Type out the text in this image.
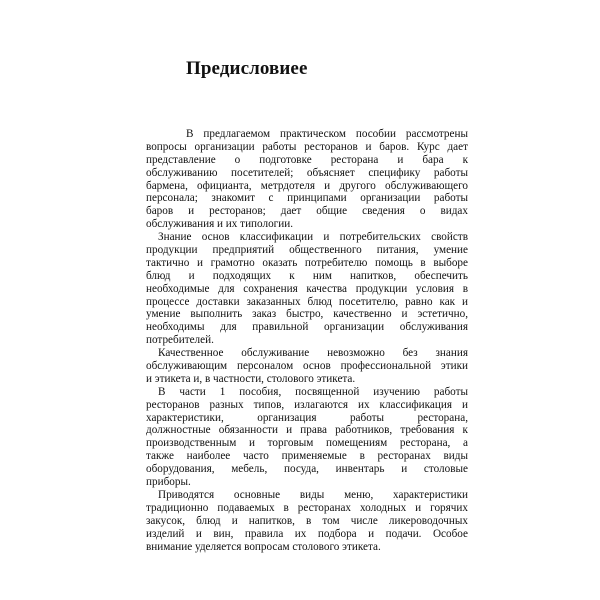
Предисловиее
В предлагаемом практическом пособии рассмотрены
вопросы организации работы ресторанов и баров. Курс дает
представление о подготовке ресторана и бара к
обслуживанию посетителей; объясняет специфику работы
бармена, официанта, метрдотеля и другого обслуживающего
персонала; знакомит с принципами организации работы
баров и ресторанов; дает общие сведения о видах
обслуживания и их типологии.
Знание основ классификации и потребительских свойств
продукции предприятий общественного питания, умение
тактично и грамотно оказать потребителю помощь в выборе
блюд и подходящих к ним напитков, обеспечить
необходимые для сохранения качества продукции условия в
процессе доставки заказанных блюд посетителю, равно как и
умение выполнить заказ быстро, качественно и эстетично,
необходимы для правильной организации обслуживания
потребителей.
Качественное обслуживание невозможно без знания
обслуживающим персоналом основ профессиональной этики
и этикета и, в частности, столового этикета.
В части 1 пособия, посвященной изучению работы
ресторанов разных типов, излагаются их классификация и
характеристики, организация работы ресторана,
должностные обязанности и права работников, требования к
производственным и торговым помещениям ресторана, а
также наиболее часто применяемые в ресторанах виды
оборудования, мебель, посуда, инвентарь и столовые
приборы.
Приводятся основные виды меню, характеристики
традиционно подаваемых в ресторанах холодных и горячих
закусок, блюд и напитков, в том числе ликероводочных
изделий и вин, правила их подбора и подачи. Особое
внимание уделяется вопросам столового этикета.
